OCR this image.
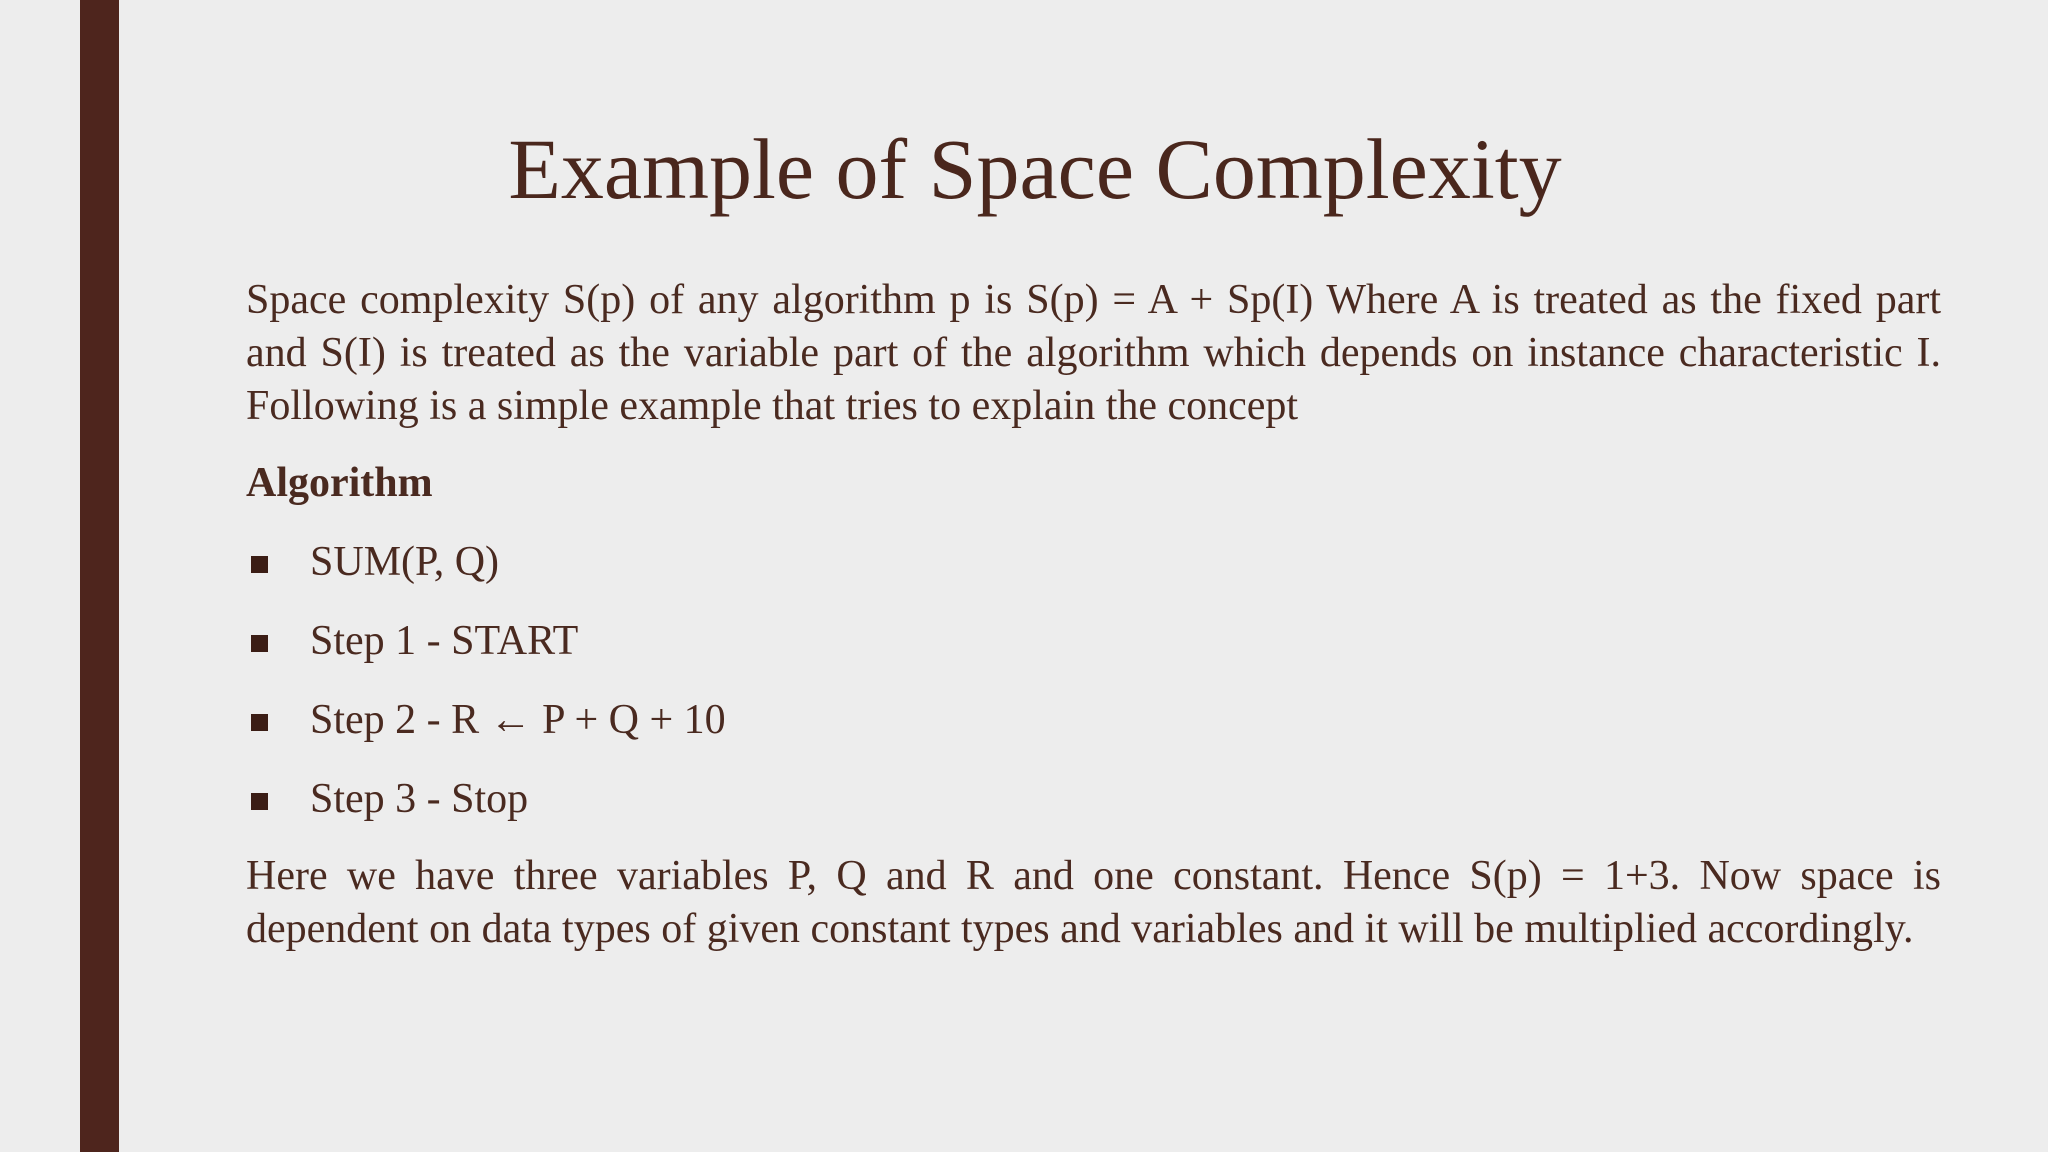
Example of Space Complexity

Space complexity S(p) of any algorithm p is S(p) = A + Sp(I) Where A is treated as the fixed part and S(I) is treated as the variable part of the algorithm which depends on instance characteristic I. Following is a simple example that tries to explain the concept

Algorithm
SUM(P, Q)
Step 1 - START
Step 2 - R ← P + Q + 10
Step 3 - Stop

Here we have three variables P, Q and R and one constant. Hence S(p) = 1+3. Now space is dependent on data types of given constant types and variables and it will be multiplied accordingly.
